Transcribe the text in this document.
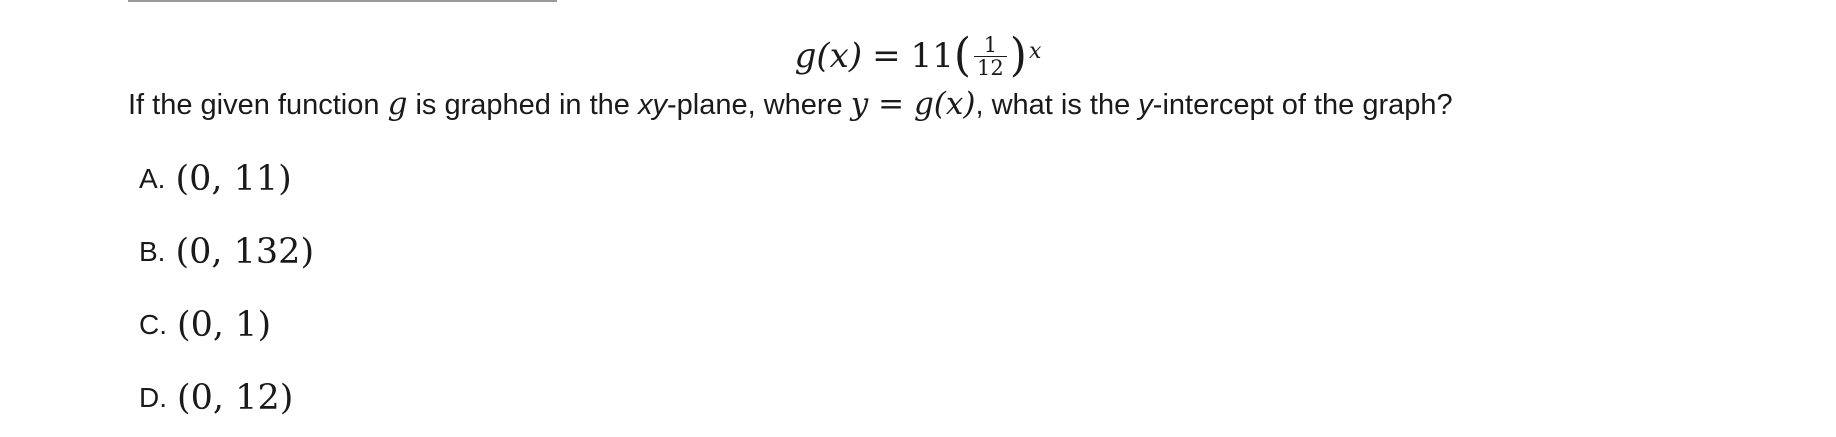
g(x) = 11 ( $\frac{1}{12}$ ) x
If the given function g is graphed in the xy-plane, where y = g(x), what is the y-intercept of the graph?
A. (0, 11)
B. (0, 132)
C. (0, 1)
D. (0, 12)
